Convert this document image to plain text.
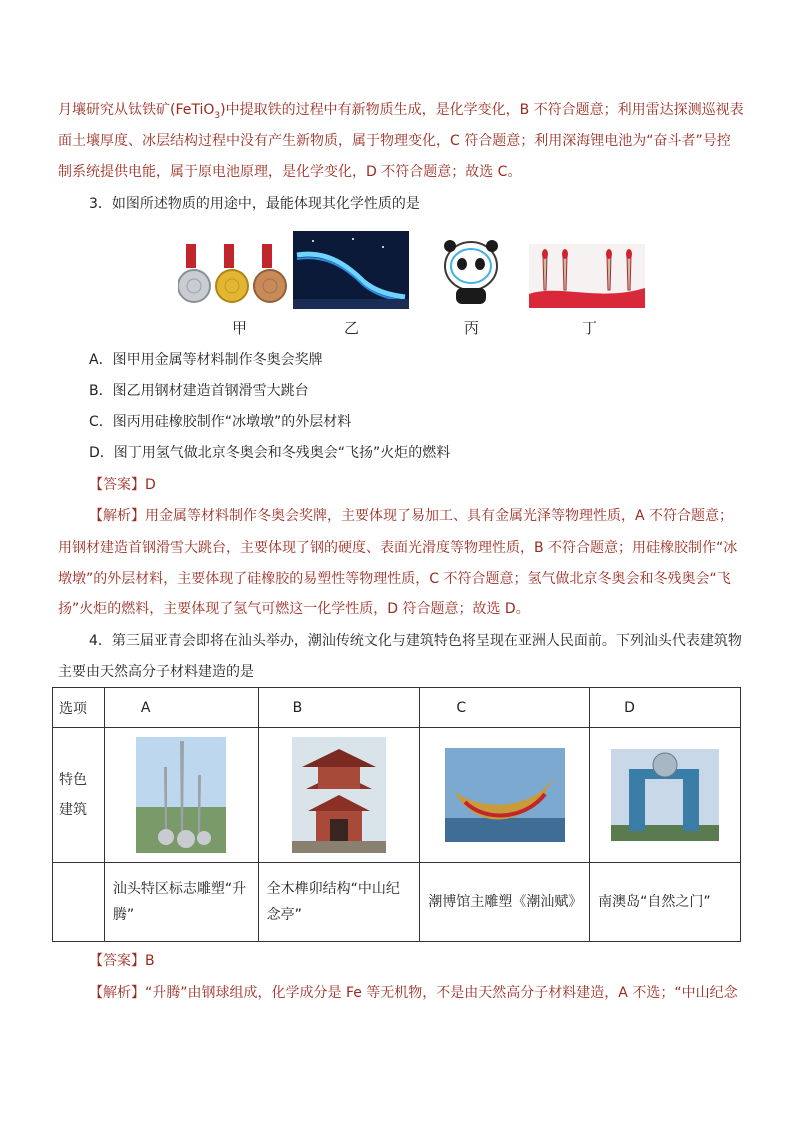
月壤研究从钛铁矿(FeTiO$_3$)中提取铁的过程中有新物质生成，是化学变化，B 不符合题意；利用雷达探测巡视表
面土壤厚度、冰层结构过程中没有产生新物质，属于物理变化，C 符合题意；利用深海锂电池为“奋斗者”号控
制系统提供电能，属于原电池原理，是化学变化，D 不符合题意；故选 C。
3．如图所述物质的用途中，最能体现其化学性质的是
甲	乙	丙	丁
A．图甲用金属等材料制作冬奥会奖牌
B．图乙用钢材建造首钢滑雪大跳台
C．图丙用硅橡胶制作“冰墩墩”的外层材料
D．图丁用氢气做北京冬奥会和冬残奥会“飞扬”火炬的燃料
【答案】D
【解析】用金属等材料制作冬奥会奖牌，主要体现了易加工、具有金属光泽等物理性质，A 不符合题意；
用钢材建造首钢滑雪大跳台，主要体现了钢的硬度、表面光滑度等物理性质，B 不符合题意；用硅橡胶制作“冰
墩墩”的外层材料，主要体现了硅橡胶的易塑性等物理性质，C 不符合题意；氢气做北京冬奥会和冬残奥会“飞
扬”火炬的燃料，主要体现了氢气可燃这一化学性质，D 符合题意；故选 D。
4．第三届亚青会即将在汕头举办，潮汕传统文化与建筑特色将呈现在亚洲人民面前。下列汕头代表建筑物
主要由天然高分子材料建造的是
选项	A	B	C	D

特色
建筑

	汕头特区标志雕塑“升腾”	全木榫卯结构“中山纪念亭”	潮博馆主雕塑《潮汕赋》	南澳岛“自然之门”
【答案】B
【解析】“升腾”由钢球组成，化学成分是 Fe 等无机物，不是由天然高分子材料建造，A 不选；“中山纪念
